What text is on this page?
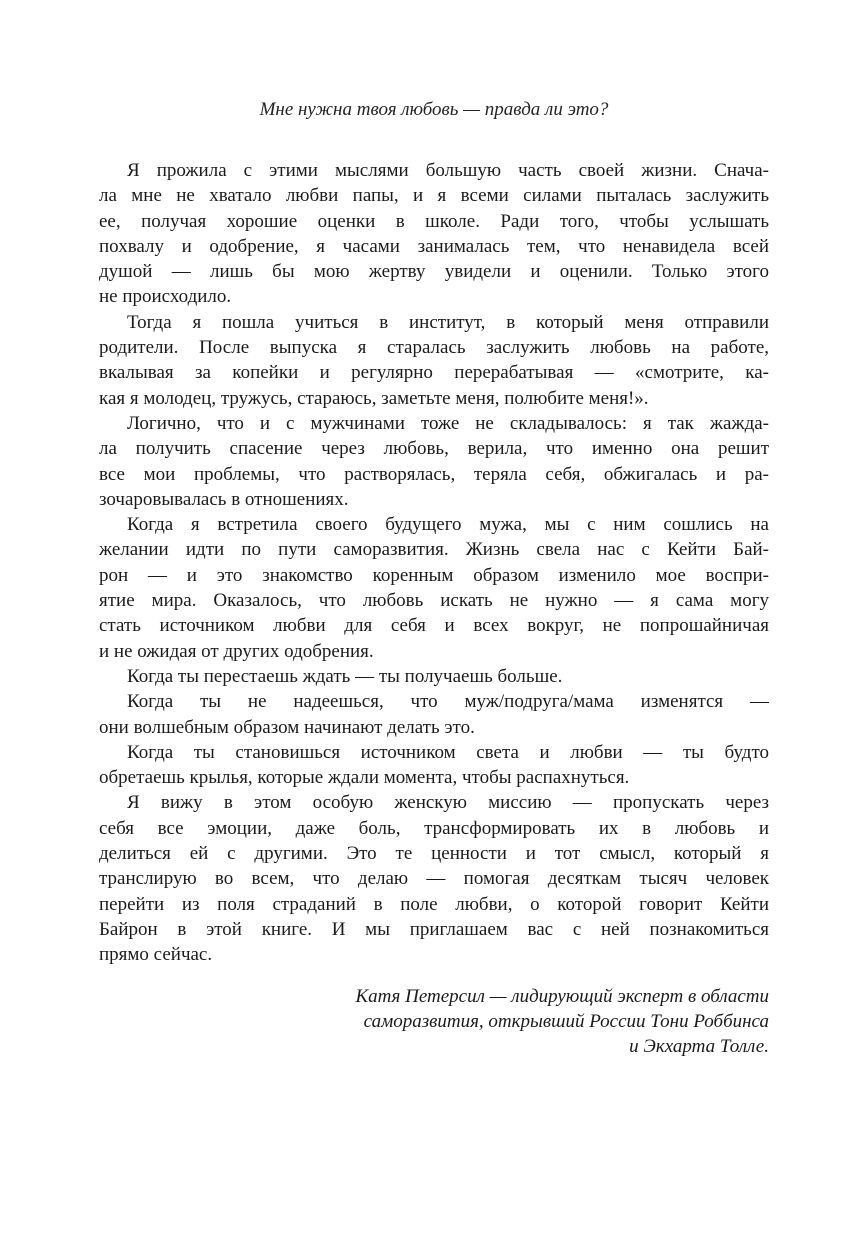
Мне нужна твоя любовь — правда ли это?
Я прожила с этими мыслями большую часть своей жизни. Снача-
ла мне не хватало любви папы, и я всеми силами пыталась заслужить
ее, получая хорошие оценки в школе. Ради того, чтобы услышать
похвалу и одобрение, я часами занималась тем, что ненавидела всей
душой — лишь бы мою жертву увидели и оценили. Только этого
не происходило.
Тогда я пошла учиться в институт, в который меня отправили
родители. После выпуска я старалась заслужить любовь на работе,
вкалывая за копейки и регулярно перерабатывая — «смотрите, ка-
кая я молодец, тружусь, стараюсь, заметьте меня, полюбите меня!».
Логично, что и с мужчинами тоже не складывалось: я так жажда-
ла получить спасение через любовь, верила, что именно она решит
все мои проблемы, что растворялась, теряла себя, обжигалась и ра-
зочаровывалась в отношениях.
Когда я встретила своего будущего мужа, мы с ним сошлись на
желании идти по пути саморазвития. Жизнь свела нас с Кейти Бай-
рон — и это знакомство коренным образом изменило мое воспри-
ятие мира. Оказалось, что любовь искать не нужно — я сама могу
стать источником любви для себя и всех вокруг, не попрошайничая
и не ожидая от других одобрения.
Когда ты перестаешь ждать — ты получаешь больше.
Когда ты не надеешься, что муж/подруга/мама изменятся —
они волшебным образом начинают делать это.
Когда ты становишься источником света и любви — ты будто
обретаешь крылья, которые ждали момента, чтобы распахнуться.
Я вижу в этом особую женскую миссию — пропускать через
себя все эмоции, даже боль, трансформировать их в любовь и
делиться ей с другими. Это те ценности и тот смысл, который я
транслирую во всем, что делаю — помогая десяткам тысяч человек
перейти из поля страданий в поле любви, о которой говорит Кейти
Байрон в этой книге. И мы приглашаем вас с ней познакомиться
прямо сейчас.
Катя Петерсил — лидирующий эксперт в области
саморазвития, открывший России Тони Роббинса
и Экхарта Толле.
